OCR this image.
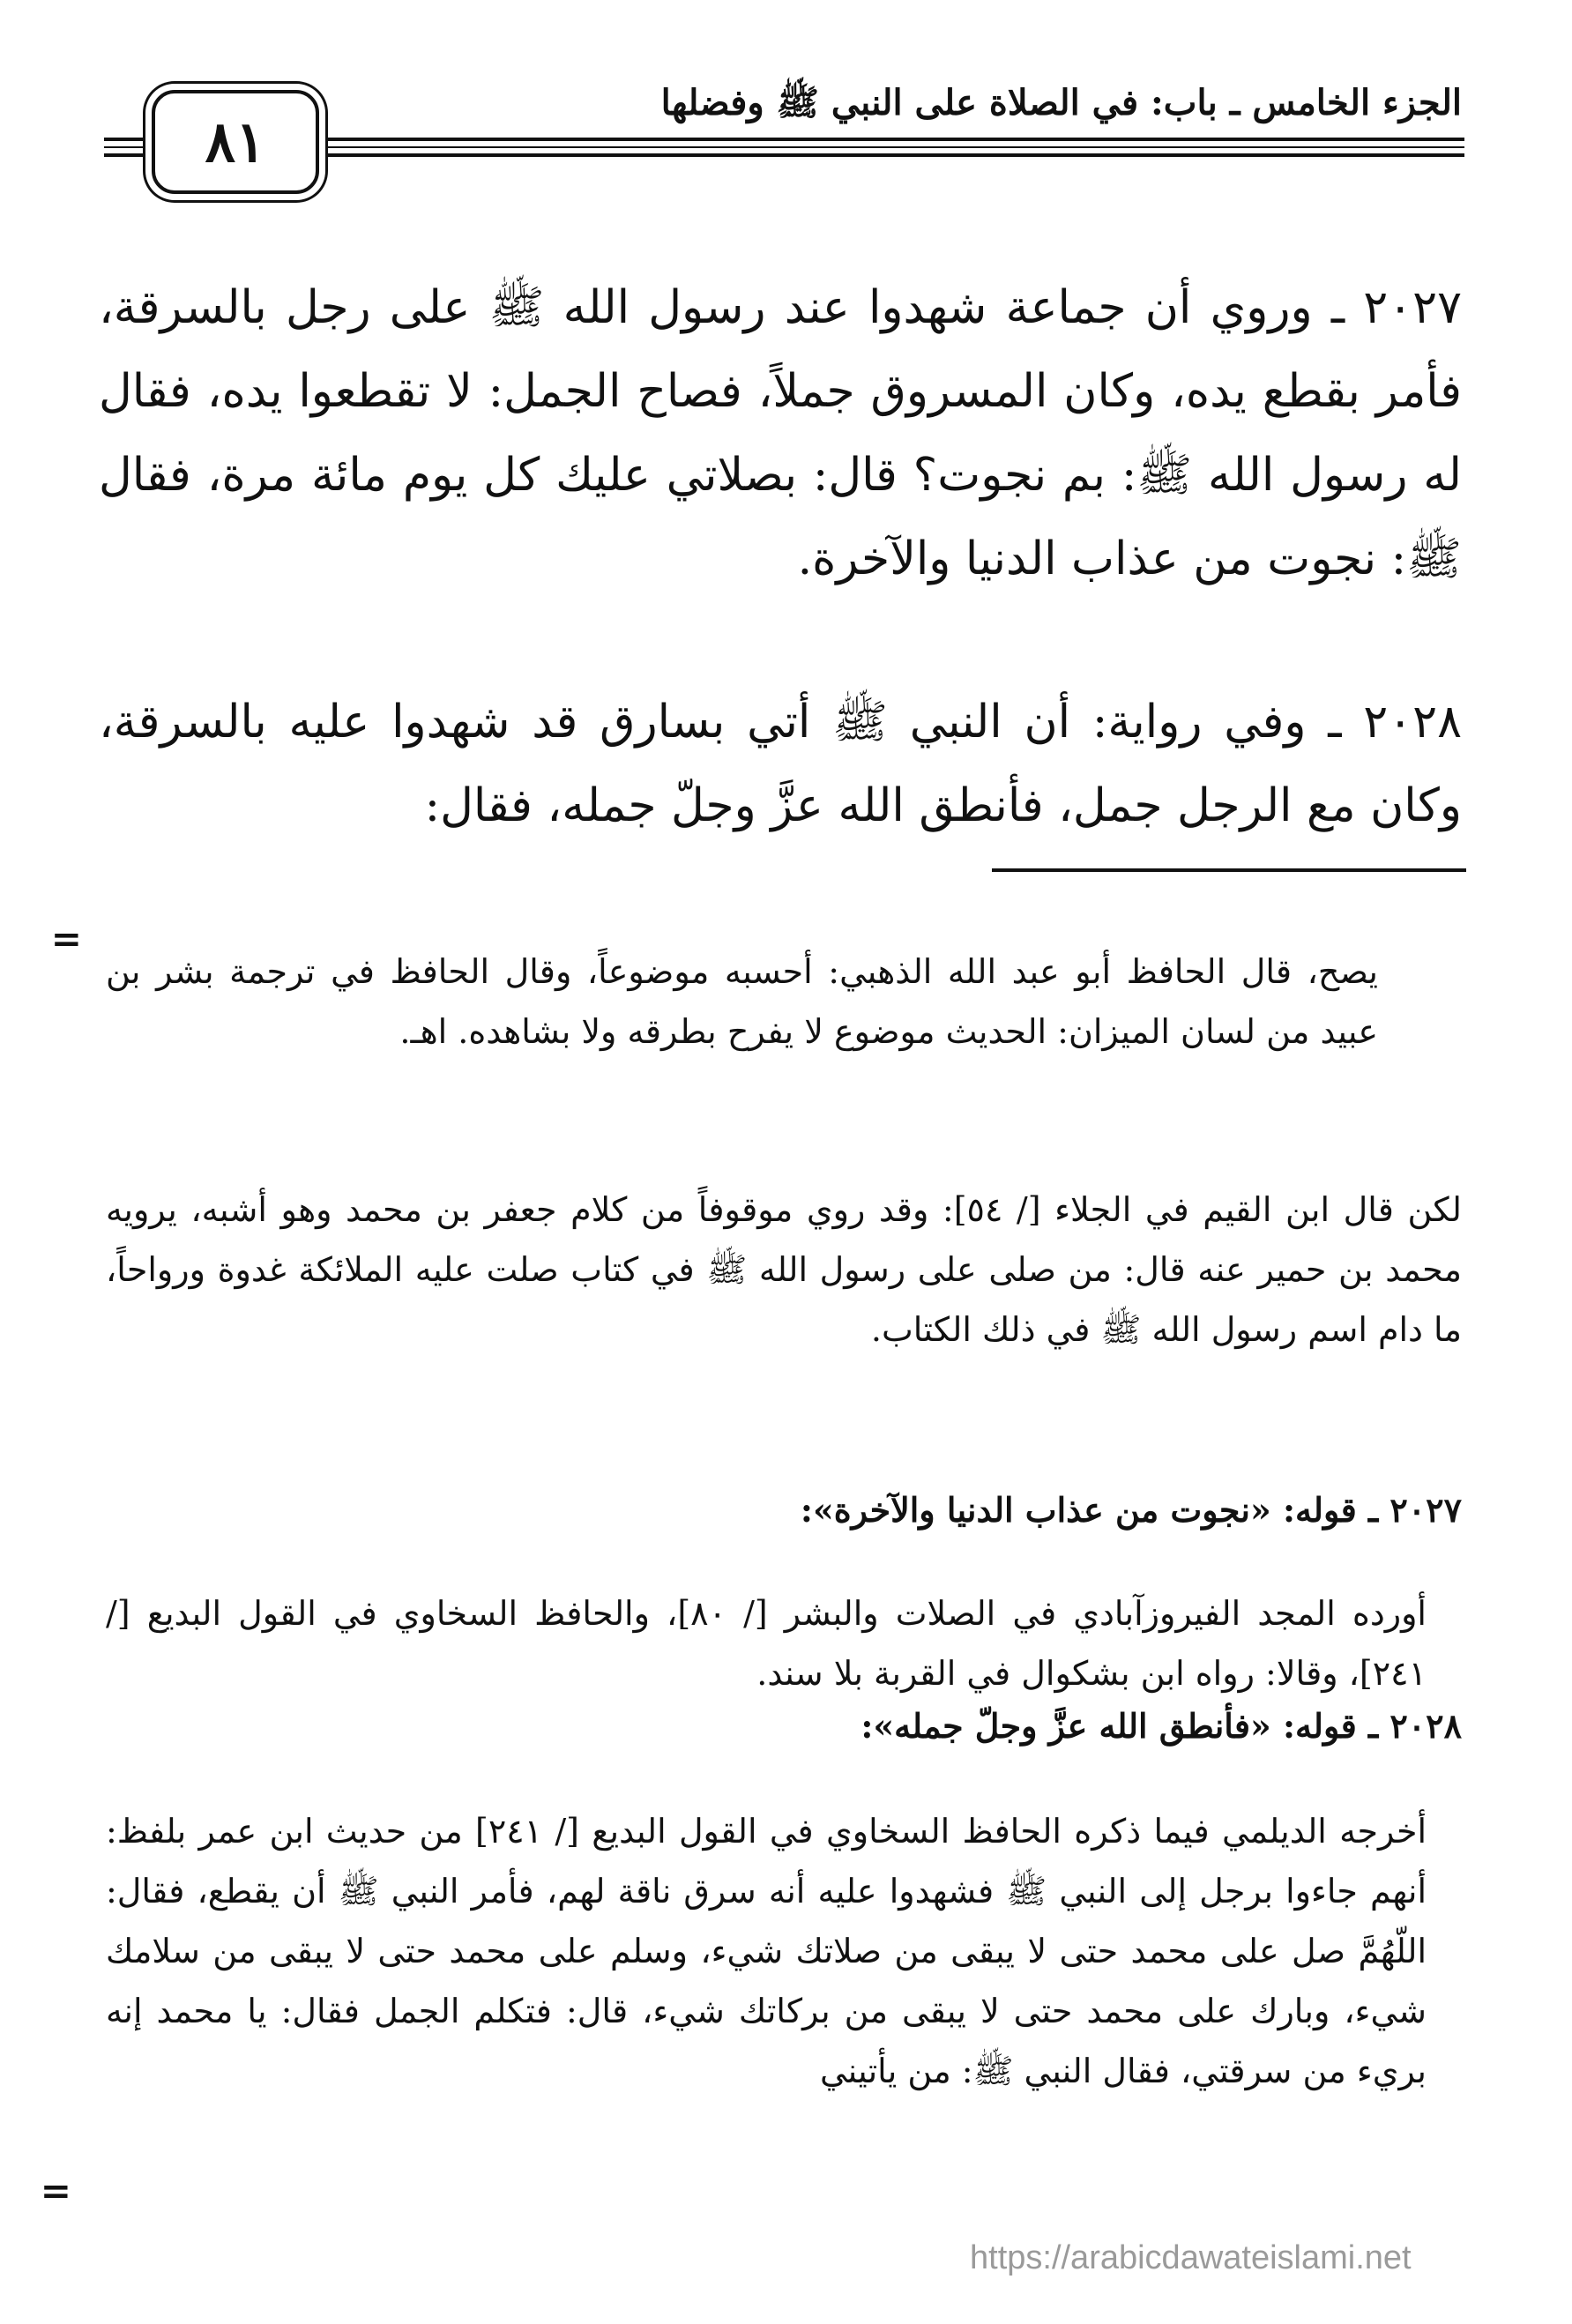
الجزء الخامس ـ باب: في الصلاة على النبي ﷺ وفضلها
٨١

٢٠٢٧ ـ وروي أن جماعة شهدوا عند رسول الله ﷺ على رجل بالسرقة، فأمر بقطع يده، وكان المسروق جملاً، فصاح الجمل: لا تقطعوا يده، فقال له رسول الله ﷺ: بم نجوت؟ قال: بصلاتي عليك كل يوم مائة مرة، فقال ﷺ: نجوت من عذاب الدنيا والآخرة.

٢٠٢٨ ـ وفي رواية: أن النبي ﷺ أتي بسارق قد شهدوا عليه بالسرقة، وكان مع الرجل جمل، فأنطق الله عزَّ وجلّ جمله، فقال:

=

يصح، قال الحافظ أبو عبد الله الذهبي: أحسبه موضوعاً، وقال الحافظ في ترجمة بشر بن عبيد من لسان الميزان: الحديث موضوع لا يفرح بطرقه ولا بشاهده. اهـ.

لكن قال ابن القيم في الجلاء [/ ٥٤]: وقد روي موقوفاً من كلام جعفر بن محمد وهو أشبه، يرويه محمد بن حمير عنه قال: من صلى على رسول الله ﷺ في كتاب صلت عليه الملائكة غدوة ورواحاً، ما دام اسم رسول الله ﷺ في ذلك الكتاب.

٢٠٢٧ ـ قوله: «نجوت من عذاب الدنيا والآخرة»:

أورده المجد الفيروزآبادي في الصلات والبشر [/ ٨٠]، والحافظ السخاوي في القول البديع [/ ٢٤١]، وقالا: رواه ابن بشكوال في القربة بلا سند.

٢٠٢٨ ـ قوله: «فأنطق الله عزَّ وجلّ جمله»:

أخرجه الديلمي فيما ذكره الحافظ السخاوي في القول البديع [/ ٢٤١] من حديث ابن عمر بلفظ: أنهم جاءوا برجل إلى النبي ﷺ فشهدوا عليه أنه سرق ناقة لهم، فأمر النبي ﷺ أن يقطع، فقال: اللّهُمَّ صل على محمد حتى لا يبقى من صلاتك شيء، وسلم على محمد حتى لا يبقى من سلامك شيء، وبارك على محمد حتى لا يبقى من بركاتك شيء، قال: فتكلم الجمل فقال: يا محمد إنه بريء من سرقتي، فقال النبي ﷺ: من يأتيني

=
https://arabicdawateislami.net
